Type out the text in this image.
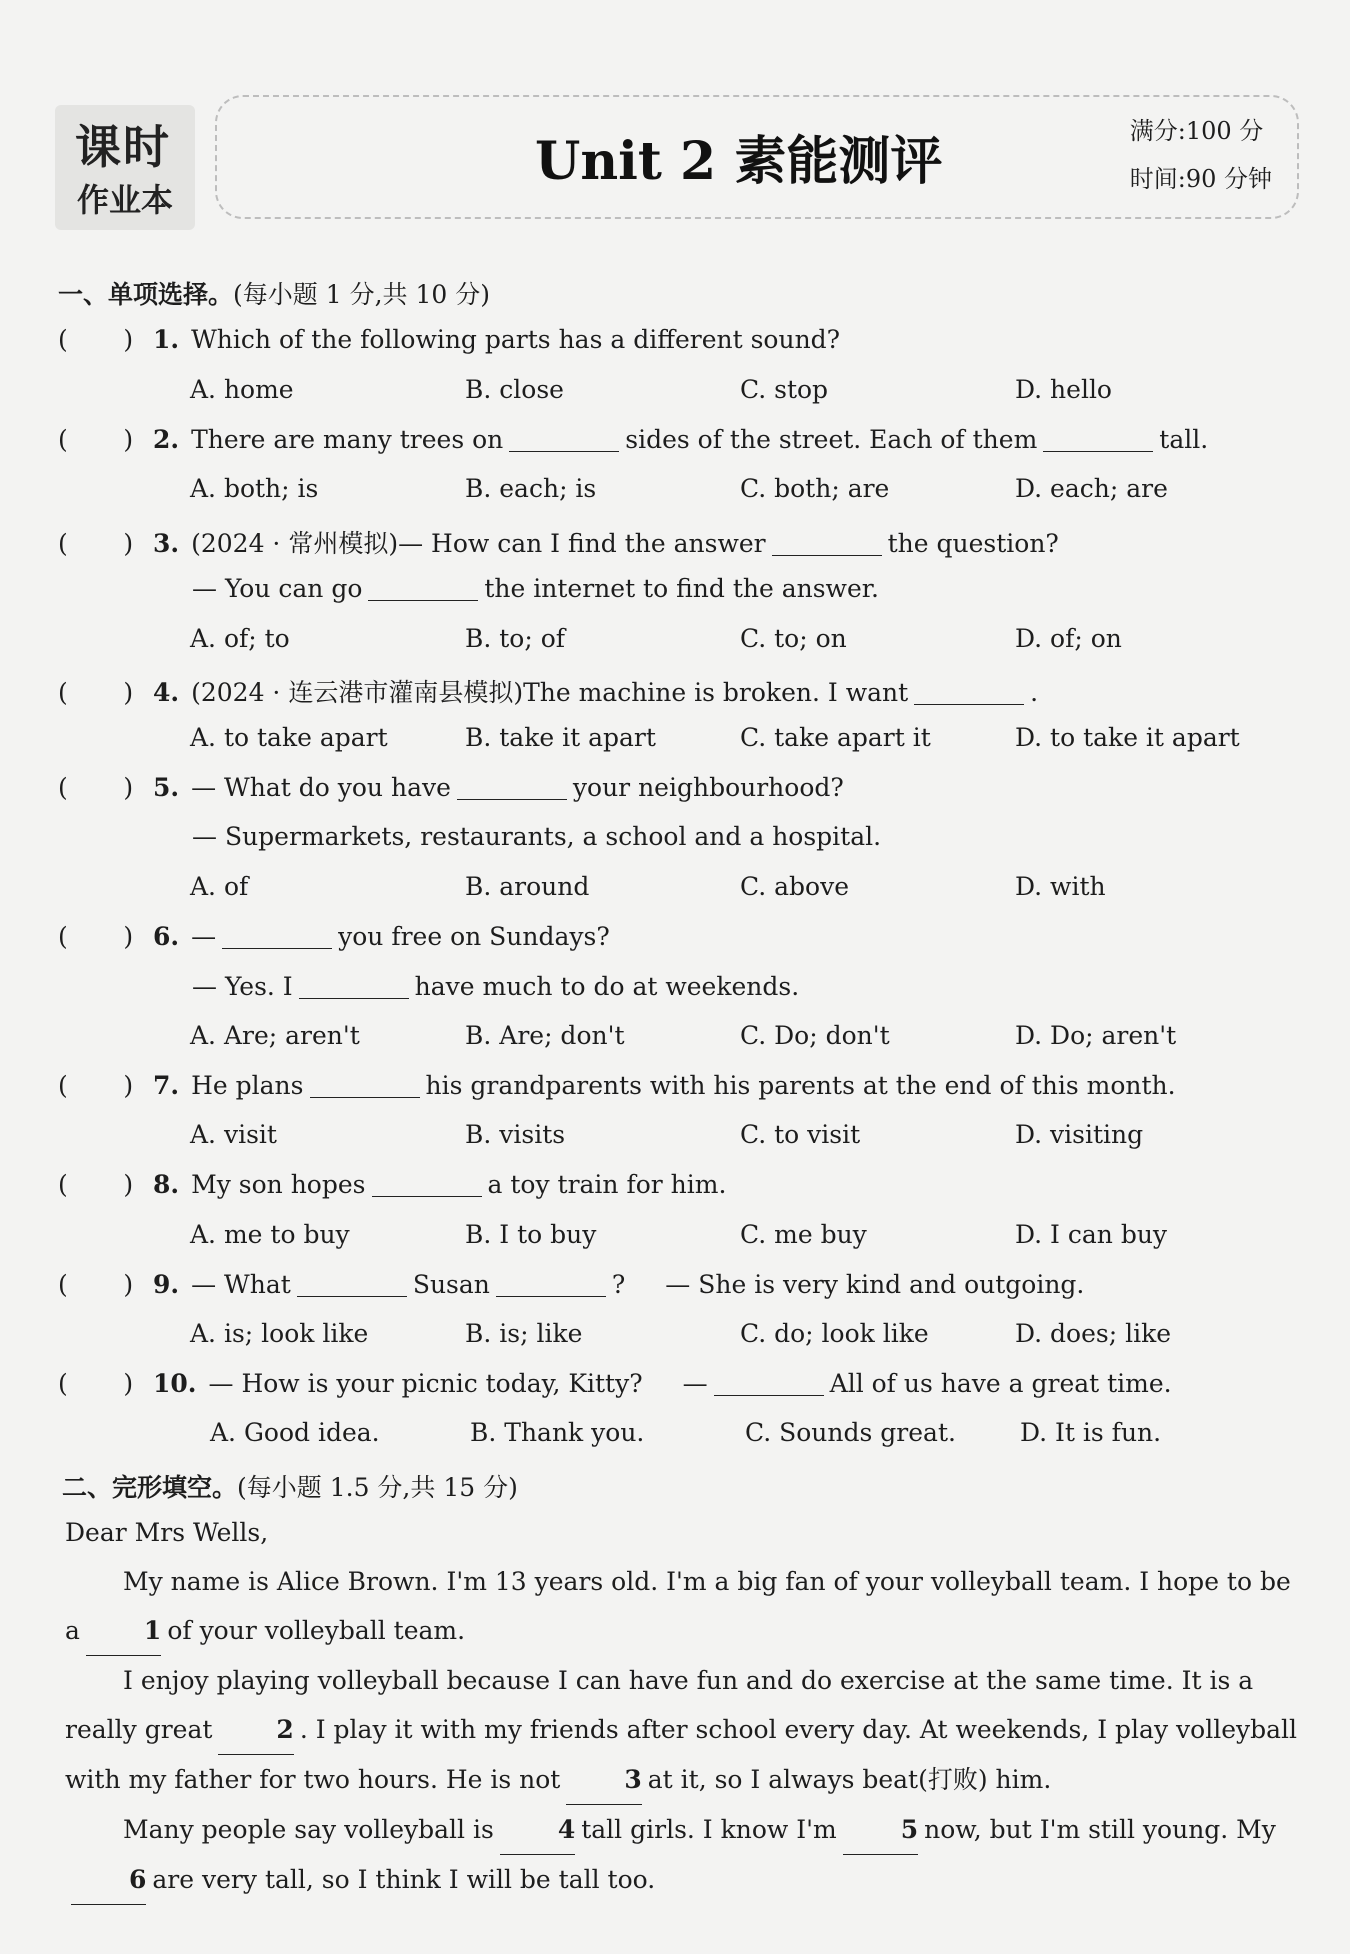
课时
作业本
Unit 2 素能测评	满分:100 分
时间:90 分钟
一、单项选择。(每小题 1 分,共 10 分)
(       ) 1. Which of the following parts has a different sound?
A. home	B. close	C. stop	D. hello
(       ) 2. There are many trees on	sides of the street. Each of them	tall.
A. both; is	B. each; is	C. both; are	D. each; are
(       ) 3. (2024 · 常州模拟)— How can I find the answer	the question?
— You can go	the internet to find the answer.
A. of; to	B. to; of	C. to; on	D. of; on
(       ) 4. (2024 · 连云港市灌南县模拟)The machine is broken. I want	.
A. to take apart	B. take it apart	C. take apart it	D. to take it apart
(       ) 5. — What do you have	your neighbourhood?
— Supermarkets, restaurants, a school and a hospital.
A. of	B. around	C. above	D. with
(       ) 6. —	you free on Sundays?
— Yes. I	have much to do at weekends.
A. Are; aren't	B. Are; don't	C. Do; don't	D. Do; aren't
(       ) 7. He plans	his grandparents with his parents at the end of this month.
A. visit	B. visits	C. to visit	D. visiting
(       ) 8. My son hopes	a toy train for him.
A. me to buy	B. I to buy	C. me buy	D. I can buy
(       ) 9. — What	Susan	? — She is very kind and outgoing.
A. is; look like	B. is; like	C. do; look like	D. does; like
(       ) 10. — How is your picnic today, Kitty? —	All of us have a great time.
A. Good idea.	B. Thank you.	C. Sounds great.	D. It is fun.
二、完形填空。(每小题 1.5 分,共 15 分)
Dear Mrs Wells,
My name is Alice Brown. I'm 13 years old. I'm a big fan of your volleyball team. I hope to be a	1 of your volleyball team.
I enjoy playing volleyball because I can have fun and do exercise at the same time. It is a really great	2 . I play it with my friends after school every day. At weekends, I play volleyball with my father for two hours. He is not	3 at it, so I always beat(打败) him.
Many people say volleyball is	4 tall girls. I know I'm	5 now, but I'm still young. My6 are very tall, so I think I will be tall too.
